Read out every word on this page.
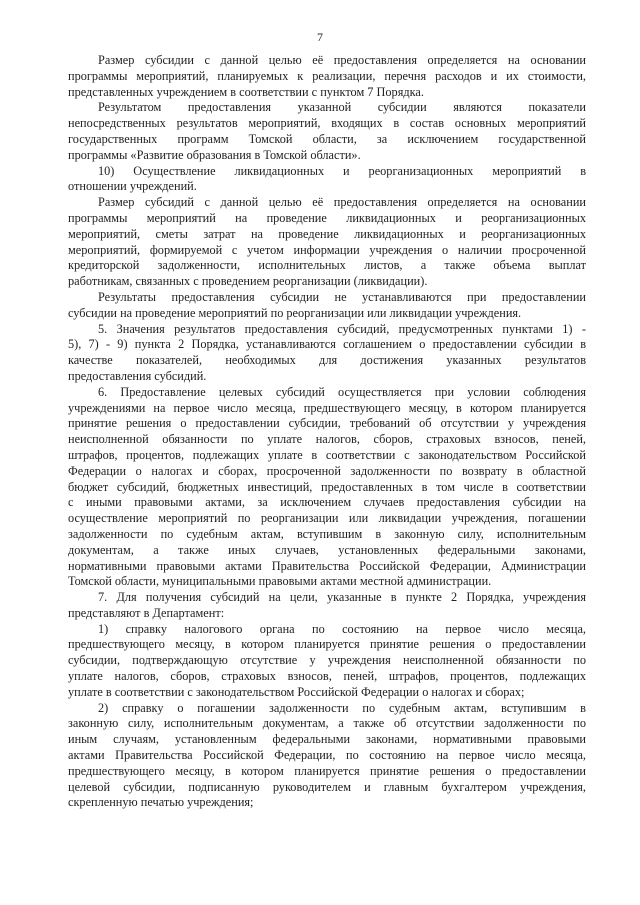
7

Размер субсидии с данной целью её предоставления определяется на основании
программы мероприятий, планируемых к реализации, перечня расходов и их стоимости,
представленных учреждением в соответствии с пунктом 7 Порядка.

Результатом предоставления указанной субсидии являются показатели
непосредственных результатов мероприятий, входящих в состав основных мероприятий
государственных программ Томской области, за исключением государственной
программы «Развитие образования в Томской области».

10) Осуществление ликвидационных и реорганизационных мероприятий в
отношении учреждений.

Размер субсидий с данной целью её предоставления определяется на основании
программы мероприятий на проведение ликвидационных и реорганизационных
мероприятий, сметы затрат на проведение ликвидационных и реорганизационных
мероприятий, формируемой с учетом информации учреждения о наличии просроченной
кредиторской задолженности, исполнительных листов, а также объема выплат
работникам, связанных с проведением реорганизации (ликвидации).

Результаты предоставления субсидии не устанавливаются при предоставлении
субсидии на проведение мероприятий по реорганизации или ликвидации учреждения.

5. Значения результатов предоставления субсидий, предусмотренных пунктами 1) -
5), 7) - 9) пункта 2 Порядка, устанавливаются соглашением о предоставлении субсидии в
качестве показателей, необходимых для достижения указанных результатов
предоставления субсидий.

6. Предоставление целевых субсидий осуществляется при условии соблюдения
учреждениями на первое число месяца, предшествующего месяцу, в котором планируется
принятие решения о предоставлении субсидии, требований об отсутствии у учреждения
неисполненной обязанности по уплате налогов, сборов, страховых взносов, пеней,
штрафов, процентов, подлежащих уплате в соответствии с законодательством Российской
Федерации о налогах и сборах, просроченной задолженности по возврату в областной
бюджет субсидий, бюджетных инвестиций, предоставленных в том числе в соответствии
с иными правовыми актами, за исключением случаев предоставления субсидии на
осуществление мероприятий по реорганизации или ликвидации учреждения, погашении
задолженности по судебным актам, вступившим в законную силу, исполнительным
документам, а также иных случаев, установленных федеральными законами,
нормативными правовыми актами Правительства Российской Федерации, Администрации
Томской области, муниципальными правовыми актами местной администрации.

7. Для получения субсидий на цели, указанные в пункте 2 Порядка, учреждения
представляют в Департамент:

1) справку налогового органа по состоянию на первое число месяца,
предшествующего месяцу, в котором планируется принятие решения о предоставлении
субсидии, подтверждающую отсутствие у учреждения неисполненной обязанности по
уплате налогов, сборов, страховых взносов, пеней, штрафов, процентов, подлежащих
уплате в соответствии с законодательством Российской Федерации о налогах и сборах;

2) справку о погашении задолженности по судебным актам, вступившим в
законную силу, исполнительным документам, а также об отсутствии задолженности по
иным случаям, установленным федеральными законами, нормативными правовыми
актами Правительства Российской Федерации, по состоянию на первое число месяца,
предшествующего месяцу, в котором планируется принятие решения о предоставлении
целевой субсидии, подписанную руководителем и главным бухгалтером учреждения,
скрепленную печатью учреждения;
